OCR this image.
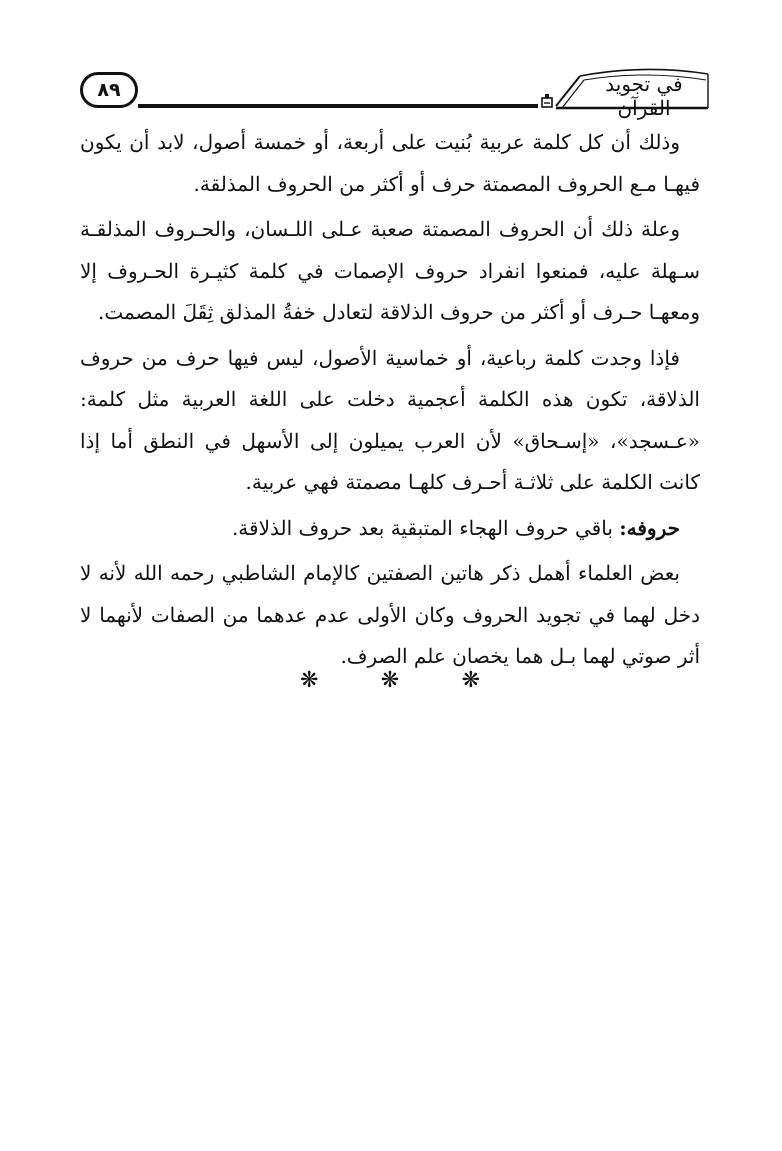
٨٩	في تجويد القرآن

وذلك أن كل كلمة عربية بُنيت على أربعة، أو خمسة أصول، لابد أن يكون فيهـا مـع الحروف المصمتة حرف أو أكثر من الحروف المذلقة.

وعلة ذلك أن الحروف المصمتة صعبة عـلى اللـسان، والحـروف المذلقـة سـهلة عليه، فمنعوا انفراد حروف الإصمات في كلمة كثيـرة الحـروف إلا ومعهـا حـرف أو أكثر من حروف الذلاقة لتعادل خفةُ المذلق ثِقَلَ المصمت.

فإذا وجدت كلمة رباعية، أو خماسية الأصول، ليس فيها حرف من حروف الذلاقة، تكون هذه الكلمة أعجمية دخلت على اللغة العربية مثل كلمة: «عـسجد»، «إسـحاق» لأن العرب يميلون إلى الأسهل في النطق أما إذا كانت الكلمة على ثلاثـة أحـرف كلهـا مصمتة فهي عربية.

حروفه: باقي حروف الهجاء المتبقية بعد حروف الذلاقة.

بعض العلماء أهمل ذكر هاتين الصفتين كالإمام الشاطبي رحمه الله لأنه لا دخل لهما في تجويد الحروف وكان الأولى عدم عدهما من الصفات لأنهما لا أثر صوتي لهما بـل هما يخصان علم الصرف.

❋	❋	❋
